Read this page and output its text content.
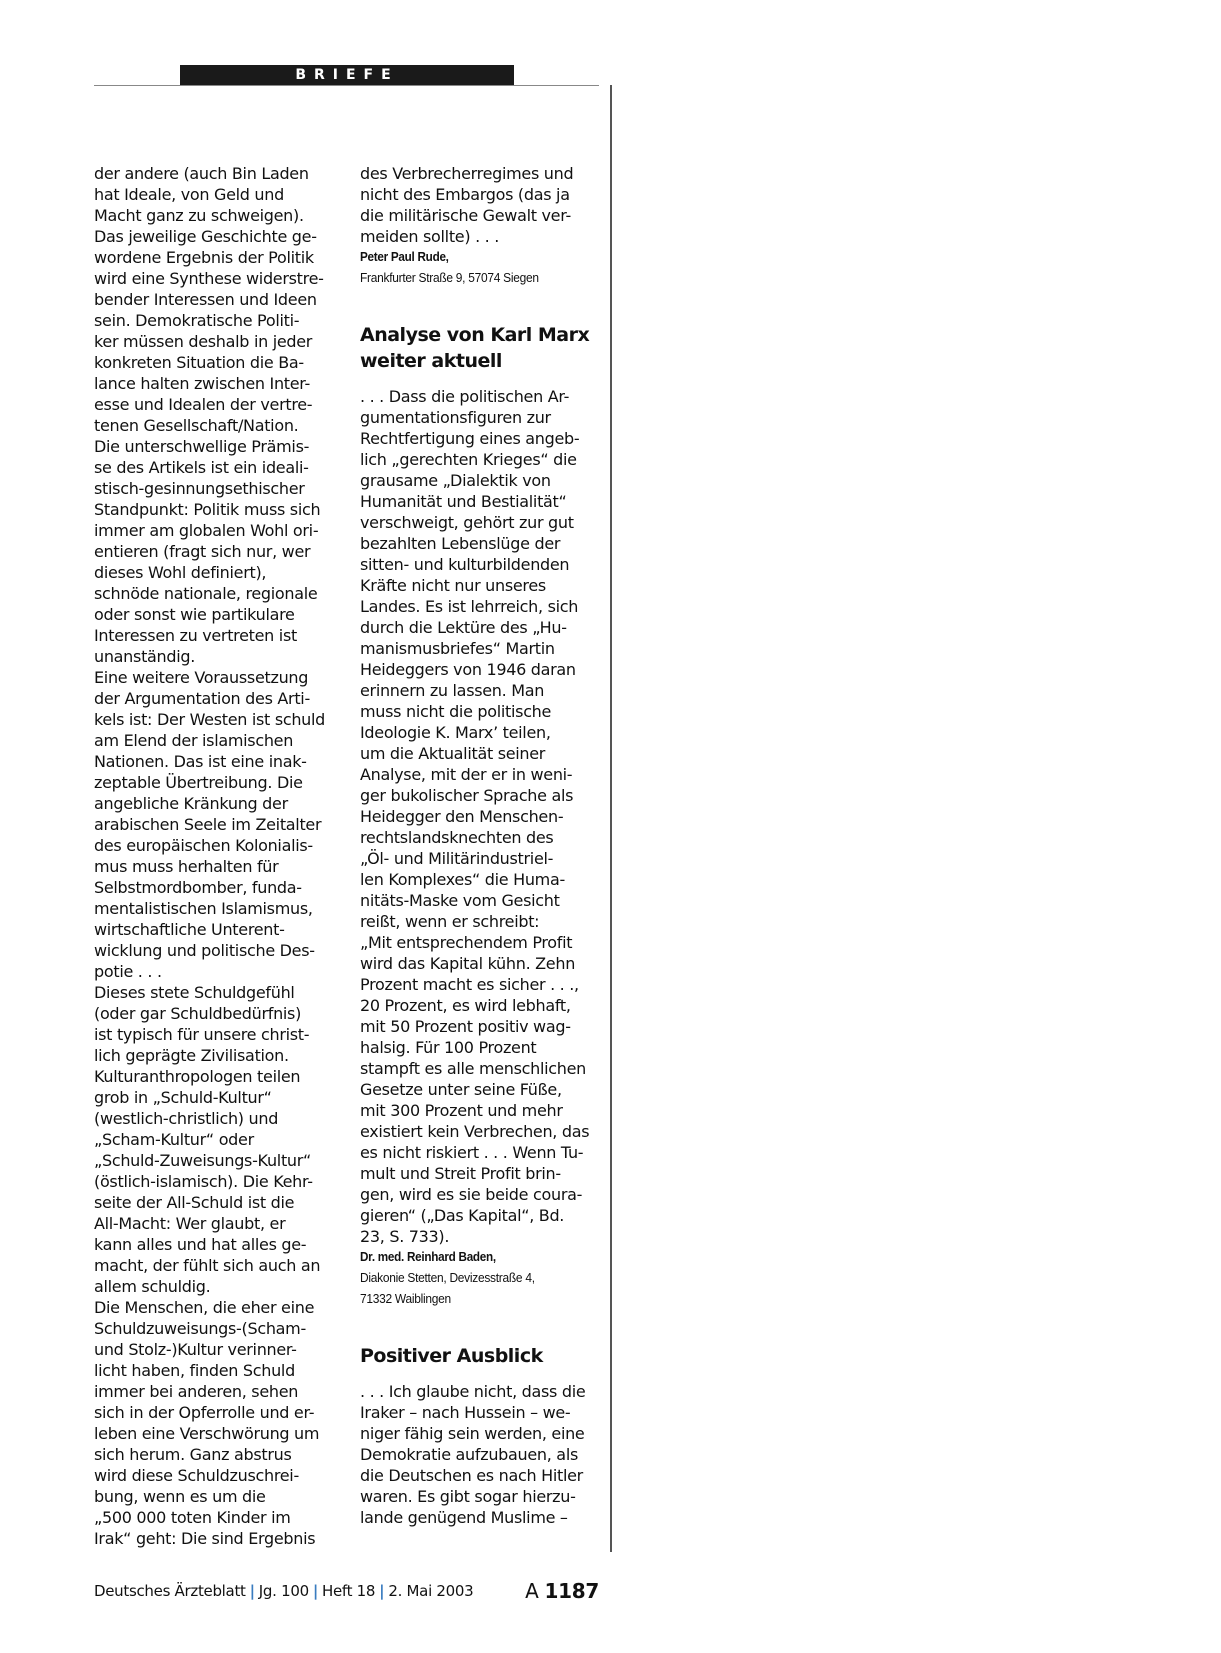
BRIEFE

der andere (auch Bin Laden
hat Ideale, von Geld und
Macht ganz zu schweigen).
Das jeweilige Geschichte ge-
wordene Ergebnis der Politik
wird eine Synthese widerstre-
bender Interessen und Ideen
sein. Demokratische Politi-
ker müssen deshalb in jeder
konkreten Situation die Ba-
lance halten zwischen Inter-
esse und Idealen der vertre-
tenen Gesellschaft/Nation.

Die unterschwellige Prämis-
se des Artikels ist ein ideali-
stisch-gesinnungsethischer
Standpunkt: Politik muss sich
immer am globalen Wohl ori-
entieren (fragt sich nur, wer
dieses Wohl definiert),
schnöde nationale, regionale
oder sonst wie partikulare
Interessen zu vertreten ist
unanständig.

Eine weitere Voraussetzung
der Argumentation des Arti-
kels ist: Der Westen ist schuld
am Elend der islamischen
Nationen. Das ist eine inak-
zeptable Übertreibung. Die
angebliche Kränkung der
arabischen Seele im Zeitalter
des europäischen Kolonialis-
mus muss herhalten für
Selbstmordbomber, funda-
mentalistischen Islamismus,
wirtschaftliche Unterent-
wicklung und politische Des-
potie . . .

Dieses stete Schuldgefühl
(oder gar Schuldbedürfnis)
ist typisch für unsere christ-
lich geprägte Zivilisation.
Kulturanthropologen teilen
grob in „Schuld-Kultur“
(westlich-christlich) und
„Scham-Kultur“ oder
„Schuld-Zuweisungs-Kultur“
(östlich-islamisch). Die Kehr-
seite der All-Schuld ist die
All-Macht: Wer glaubt, er
kann alles und hat alles ge-
macht, der fühlt sich auch an
allem schuldig.

Die Menschen, die eher eine
Schuldzuweisungs-(Scham-
und Stolz-)Kultur verinner-
licht haben, finden Schuld
immer bei anderen, sehen
sich in der Opferrolle und er-
leben eine Verschwörung um
sich herum. Ganz abstrus
wird diese Schuldzuschrei-
bung, wenn es um die
„500 000 toten Kinder im
Irak“ geht: Die sind Ergebnis

des Verbrecherregimes und
nicht des Embargos (das ja
die militärische Gewalt ver-
meiden sollte) . . .

Peter Paul Rude,

Frankfurter Straße 9, 57074 Siegen

Analyse von Karl Marx
weiter aktuell

. . . Dass die politischen Ar-
gumentationsfiguren zur
Rechtfertigung eines angeb-
lich „gerechten Krieges“ die
grausame „Dialektik von
Humanität und Bestialität“
verschweigt, gehört zur gut
bezahlten Lebenslüge der
sitten- und kulturbildenden
Kräfte nicht nur unseres
Landes. Es ist lehrreich, sich
durch die Lektüre des „Hu-
manismusbriefes“ Martin
Heideggers von 1946 daran
erinnern zu lassen. Man
muss nicht die politische
Ideologie K. Marx’ teilen,
um die Aktualität seiner
Analyse, mit der er in weni-
ger bukolischer Sprache als
Heidegger den Menschen-
rechtslandsknechten des
„Öl- und Militärindustriel-
len Komplexes“ die Huma-
nitäts-Maske vom Gesicht
reißt, wenn er schreibt:
„Mit entsprechendem Profit
wird das Kapital kühn. Zehn
Prozent macht es sicher . . .,
20 Prozent, es wird lebhaft,
mit 50 Prozent positiv wag-
halsig. Für 100 Prozent
stampft es alle menschlichen
Gesetze unter seine Füße,
mit 300 Prozent und mehr
existiert kein Verbrechen, das
es nicht riskiert . . . Wenn Tu-
mult und Streit Profit brin-
gen, wird es sie beide coura-
gieren“ („Das Kapital“, Bd.
23, S. 733).

Dr. med. Reinhard Baden,

Diakonie Stetten, Devizesstraße 4,
71332 Waiblingen

Positiver Ausblick

. . . Ich glaube nicht, dass die
Iraker – nach Hussein – we-
niger fähig sein werden, eine
Demokratie aufzubauen, als
die Deutschen es nach Hitler
waren. Es gibt sogar hierzu-
lande genügend Muslime –

Deutsches Ärzteblatt | Jg. 100 | Heft 18 | 2. Mai 2003	A 1187
